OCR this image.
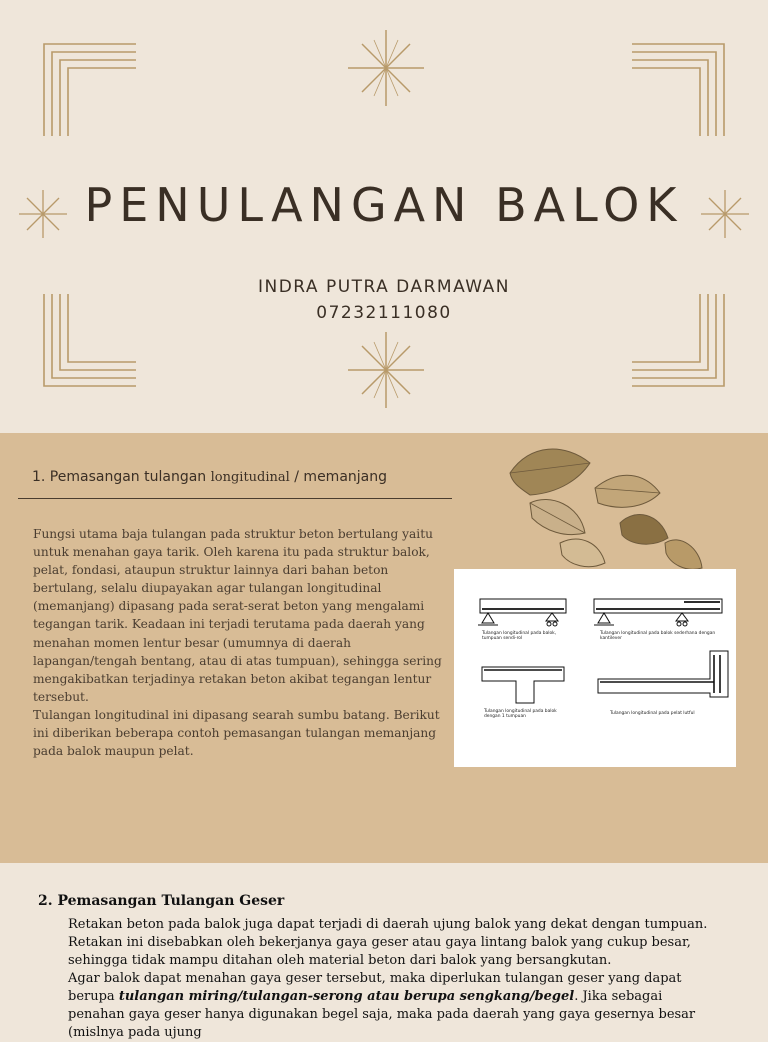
PENULANGAN BALOK
INDRA PUTRA DARMAWAN
07232111080
1. Pemasangan tulangan longitudinal / memanjang

Fungsi utama baja tulangan pada struktur beton bertulang yaitu untuk menahan gaya tarik. Oleh karena itu pada struktur balok, pelat, fondasi, ataupun struktur lainnya dari bahan beton bertulang, selalu diupayakan agar tulangan longitudinal (memanjang) dipasang pada serat-serat beton yang mengalami tegangan tarik. Keadaan ini terjadi terutama pada daerah yang menahan momen lentur besar (umumnya di daerah lapangan/tengah bentang, atau di atas tumpuan), sehingga sering mengakibatkan terjadinya retakan beton akibat tegangan lentur tersebut.

Tulangan longitudinal ini dipasang searah sumbu batang. Berikut ini diberikan beberapa contoh pemasangan tulangan memanjang pada balok maupun pelat.

Tulangan longitudinal pada balok, tumpuan sendi-rol
Tulangan longitudinal pada balok sederhana dengan kantilever
Tulangan longitudinal pada balok dengan 1 tumpuan
Tulangan longitudinal pada pelat lutful
2. Pemasangan Tulangan Geser

Retakan beton pada balok juga dapat terjadi di daerah ujung balok yang dekat dengan tumpuan. Retakan ini disebabkan oleh bekerjanya gaya geser atau gaya lintang balok yang cukup besar, sehingga tidak mampu ditahan oleh material beton dari balok yang bersangkutan.

Agar balok dapat menahan gaya geser tersebut, maka diperlukan tulangan geser yang dapat

berupa tulangan miring/tulangan-serong atau berupa sengkang/begel. Jika sebagai penahan gaya geser hanya digunakan begel saja, maka pada daerah yang gaya gesernya besar (mislnya pada ujung
